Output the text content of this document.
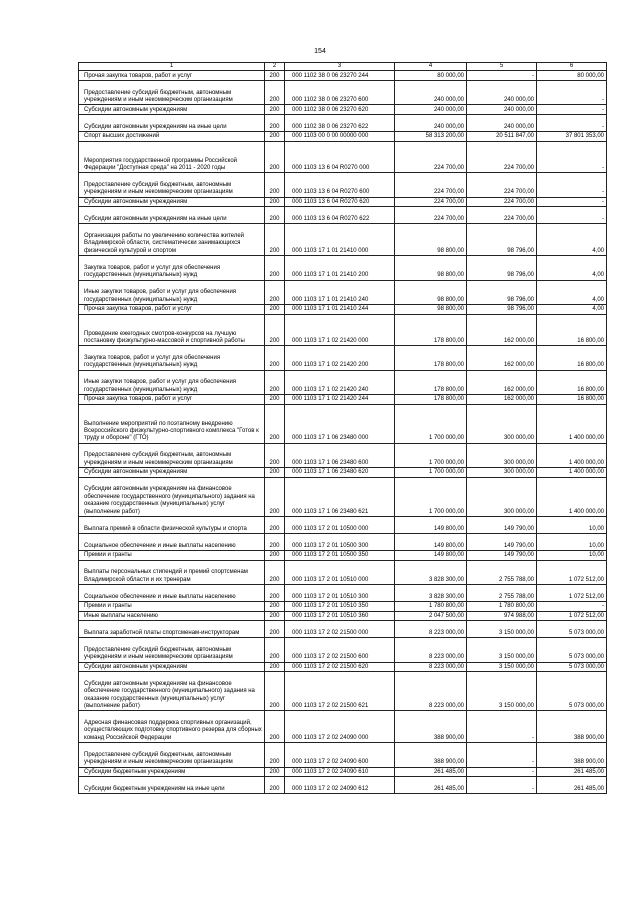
154
1	2	3	4	5	6
Прочая закупка товаров, работ и услуг	200	000 1102 38 0 06 23270 244	80 000,00	-	80 000,00
Предоставление субсидий бюджетным, автономным учреждениям и иным некоммерческим организациям	200	000 1102 38 0 06 23270 600	240 000,00	240 000,00	-
Субсидии автономным учреждениям	200	000 1102 38 0 06 23270 620	240 000,00	240 000,00	-
Субсидии автономным учреждениям на иные цели	200	000 1102 38 0 06 23270 622	240 000,00	240 000,00	-
Спорт высших достижений	200	000 1103 00 0 00 00000 000	58 313 200,00	20 511 847,00	37 801 353,00
Мероприятия государственной программы Российской Федерации "Доступная среда" на 2011 - 2020 годы	200	000 1103 13 6 04 R0270 000	224 700,00	224 700,00	-
Предоставление субсидий бюджетным, автономным учреждениям и иным некоммерческим организациям	200	000 1103 13 6 04 R0270 600	224 700,00	224 700,00	-
Субсидии автономным учреждениям	200	000 1103 13 6 04 R0270 620	224 700,00	224 700,00	-
Субсидии автономным учреждениям на иные цели	200	000 1103 13 6 04 R0270 622	224 700,00	224 700,00	-
Организация работы по увеличению количества жителей Владимирской области, систематически занимающихся физической культурой и спортом	200	000 1103 17 1 01 21410 000	98 800,00	98 796,00	4,00
Закупка товаров, работ и услуг для обеспечения государственных (муниципальных) нужд	200	000 1103 17 1 01 21410 200	98 800,00	98 796,00	4,00
Иные закупки товаров, работ и услуг для обеспечения государственных (муниципальных) нужд	200	000 1103 17 1 01 21410 240	98 800,00	98 796,00	4,00
Прочая закупка товаров, работ и услуг	200	000 1103 17 1 01 21410 244	98 800,00	98 796,00	4,00
Проведение ежегодных смотров-конкурсов на лучшую постановку физкультурно-массовой и спортивной работы	200	000 1103 17 1 02 21420 000	178 800,00	162 000,00	16 800,00
Закупка товаров, работ и услуг для обеспечения государственных (муниципальных) нужд	200	000 1103 17 1 02 21420 200	178 800,00	162 000,00	16 800,00
Иные закупки товаров, работ и услуг для обеспечения государственных (муниципальных) нужд	200	000 1103 17 1 02 21420 240	178 800,00	162 000,00	16 800,00
Прочая закупка товаров, работ и услуг	200	000 1103 17 1 02 21420 244	178 800,00	162 000,00	16 800,00
Выполнение мероприятий по поэтапному внедрению Всероссийского физкультурно-спортивного комплекса "Готов к труду и обороне" (ГТО)	200	000 1103 17 1 06 23480 000	1 700 000,00	300 000,00	1 400 000,00
Предоставление субсидий бюджетным, автономным учреждениям и иным некоммерческим организациям	200	000 1103 17 1 06 23480 600	1 700 000,00	300 000,00	1 400 000,00
Субсидии автономным учреждениям	200	000 1103 17 1 06 23480 620	1 700 000,00	300 000,00	1 400 000,00
Субсидии автономным учреждениям на финансовое обеспечение государственного (муниципального) задания на оказание государственных (муниципальных) услуг (выполнение работ)	200	000 1103 17 1 06 23480 621	1 700 000,00	300 000,00	1 400 000,00
Выплата премий в области физической культуры и спорта	200	000 1103 17 2 01 10500 000	149 800,00	149 790,00	10,00
Социальное обеспечение и иные выплаты населению	200	000 1103 17 2 01 10500 300	149 800,00	149 790,00	10,00
Премии и гранты	200	000 1103 17 2 01 10500 350	149 800,00	149 790,00	10,00
Выплаты персональных стипендий и премий спортсменам Владимирской области и их тренерам	200	000 1103 17 2 01 10510 000	3 828 300,00	2 755 788,00	1 072 512,00
Социальное обеспечение и иные выплаты населению	200	000 1103 17 2 01 10510 300	3 828 300,00	2 755 788,00	1 072 512,00
Премии и гранты	200	000 1103 17 2 01 10510 350	1 780 800,00	1 780 800,00	-
Иные выплаты населению	200	000 1103 17 2 01 10510 360	2 047 500,00	974 988,00	1 072 512,00
Выплата заработной платы спортсменам-инструкторам	200	000 1103 17 2 02 21500 000	8 223 000,00	3 150 000,00	5 073 000,00
Предоставление субсидий бюджетным, автономным учреждениям и иным некоммерческим организациям	200	000 1103 17 2 02 21500 600	8 223 000,00	3 150 000,00	5 073 000,00
Субсидии автономным учреждениям	200	000 1103 17 2 02 21500 620	8 223 000,00	3 150 000,00	5 073 000,00
Субсидии автономным учреждениям на финансовое обеспечение государственного (муниципального) задания на оказание государственных (муниципальных) услуг (выполнение работ)	200	000 1103 17 2 02 21500 621	8 223 000,00	3 150 000,00	5 073 000,00
Адресная финансовая поддержка спортивных организаций, осуществляющих подготовку спортивного резерва для сборных команд Российской Федерации	200	000 1103 17 2 02 24090 000	388 900,00	-	388 900,00
Предоставление субсидий бюджетным, автономным учреждениям и иным некоммерческим организациям	200	000 1103 17 2 02 24090 600	388 900,00	-	388 900,00
Субсидии бюджетным учреждениям	200	000 1103 17 2 02 24090 610	261 485,00	-	261 485,00
Субсидии бюджетным учреждениям на иные цели	200	000 1103 17 2 02 24090 612	261 485,00	-	261 485,00
